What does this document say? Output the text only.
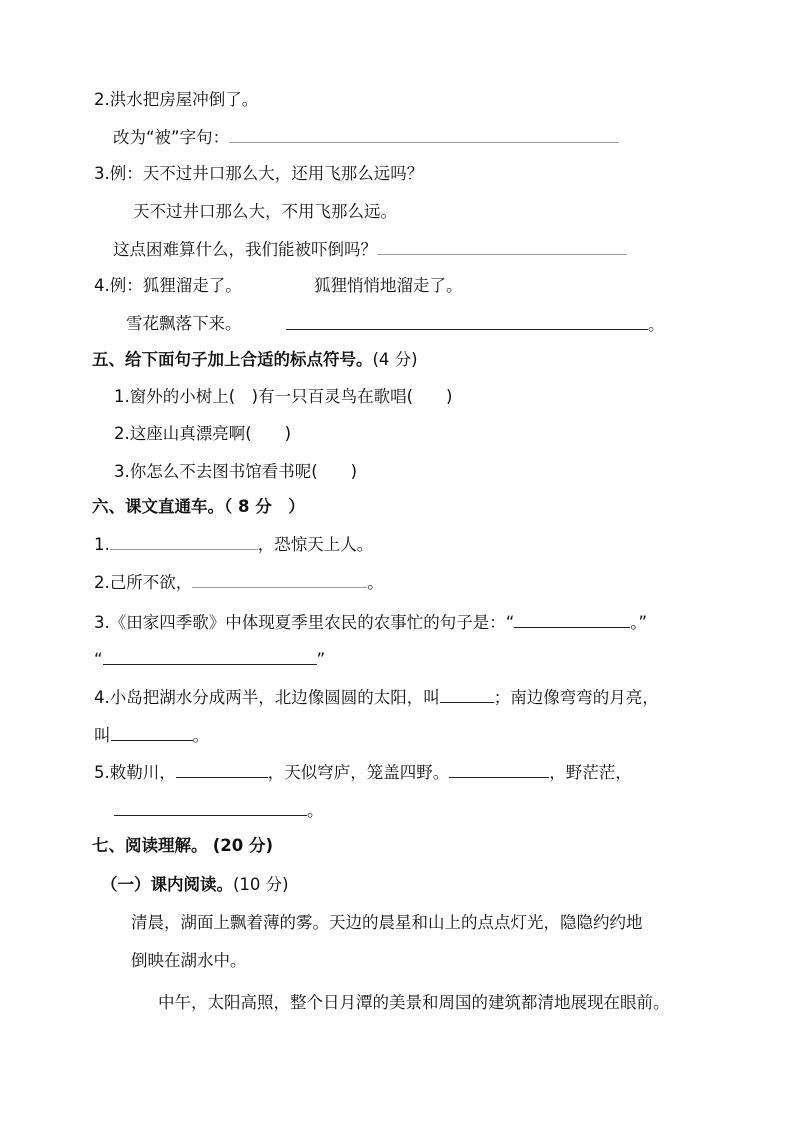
2.洪水把房屋冲倒了。
改为“被”字句：
3.例：天不过井口那么大，还用飞那么远吗？
天不过井口那么大，不用飞那么远。
这点困难算什么，我们能被吓倒吗？
4.例：狐狸溜走了。	狐狸悄悄地溜走了。
雪花飘落下来。	。
五、给下面句子加上合适的标点符号。(4 分)
1.窗外的小树上(　)有一只百灵鸟在歌唱(　　)
2.这座山真漂亮啊(　　)
3.你怎么不去图书馆看书呢(　　)
六、课文直通车。（ 8 分　）
1.	，恐惊天上人。
2.己所不欲，	。
3.《田家四季歌》中体现夏季里农民的农事忙的句子是：“	。”
“	”
4.小岛把湖水分成两半，北边像圆圆的太阳，叫	；南边像弯弯的月亮，
叫	。
5.敕勒川，	，天似穹庐，笼盖四野。	，野茫茫，
。
七、阅读理解。 (20 分)
（一）课内阅读。(10 分)
清晨，湖面上飘着薄的雾。天边的晨星和山上的点点灯光，隐隐约约地
倒映在湖水中。
中午，太阳高照，整个日月潭的美景和周国的建筑都清地展现在眼前。
